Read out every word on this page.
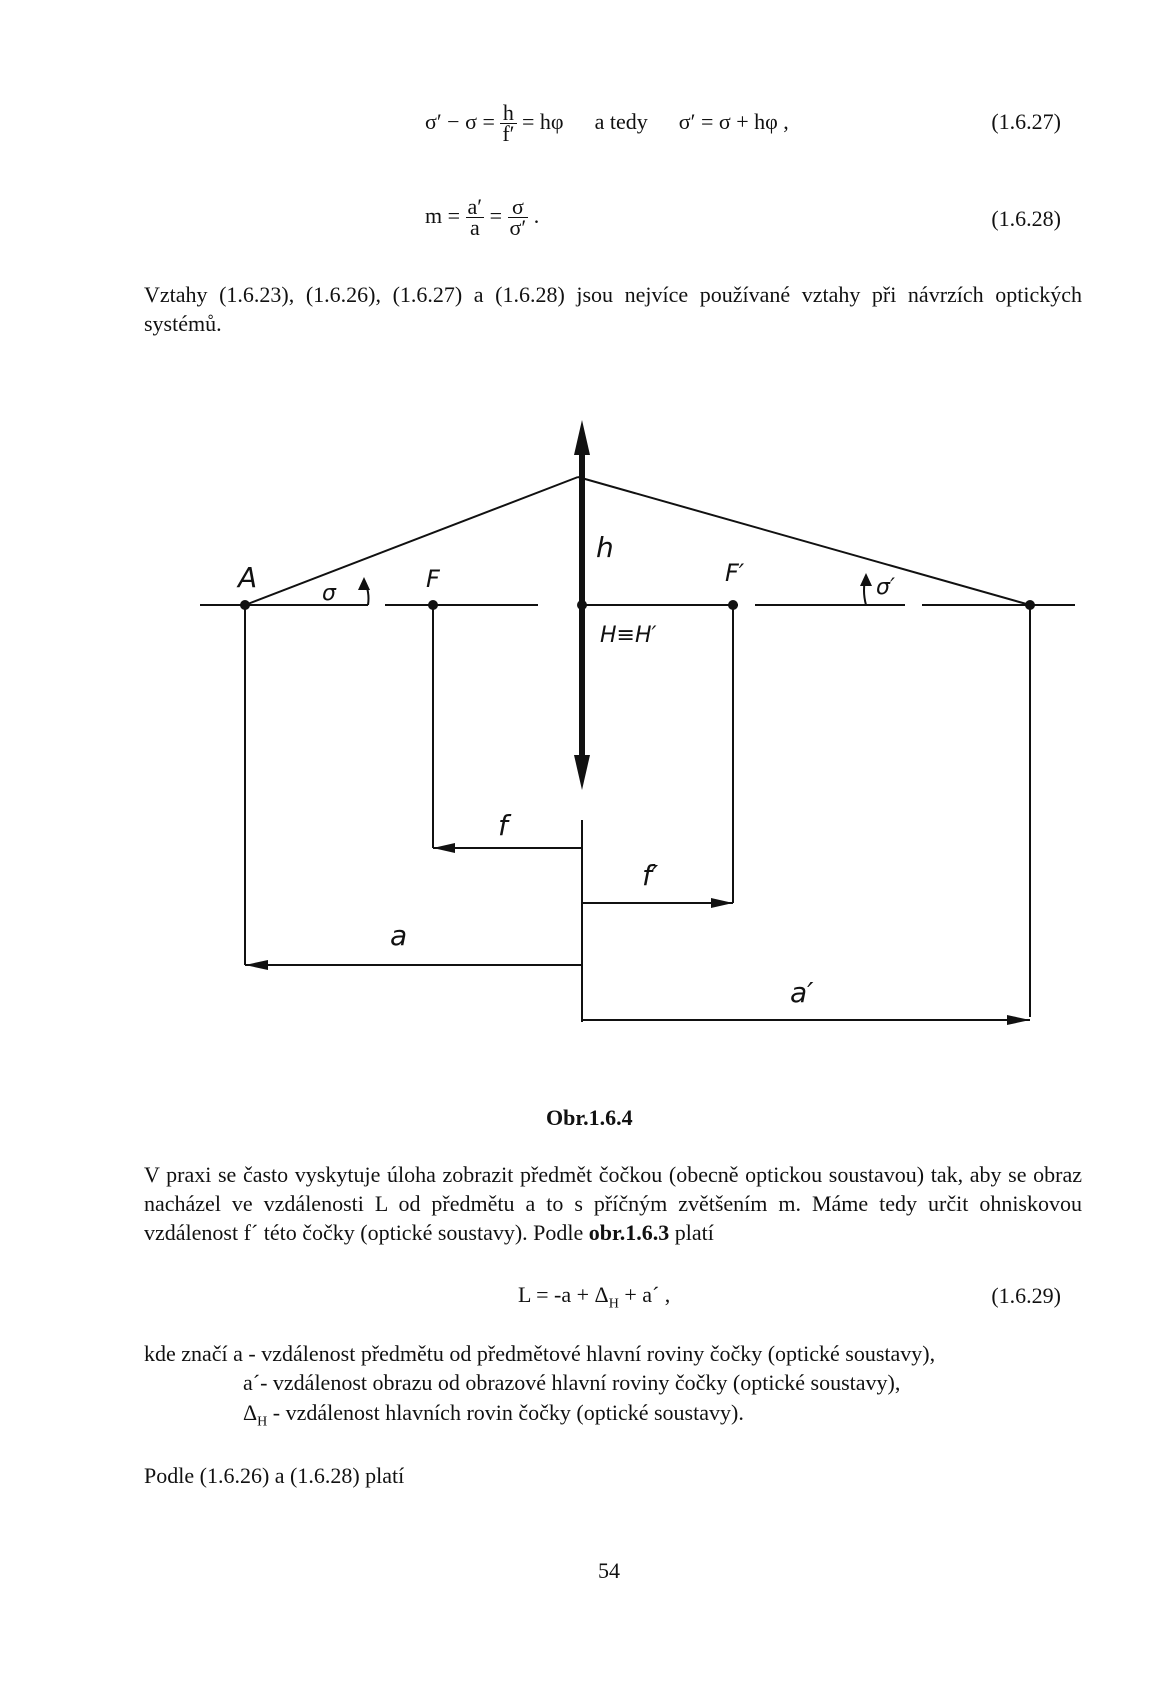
$\sigma' - \sigma = \frac{h}{f'} = h\varphi$ a tedy σ′ = σ + hφ ,	(1.6.27)
$m = \frac{a'}{a} = \frac{\sigma}{\sigma'}$ .	(1.6.28)
Vztahy (1.6.23), (1.6.26), (1.6.27) a (1.6.28) jsou nejvíce používané vztahy při návrzích optických systémů.
A	σ
F
h
H≡H′
F′
σ′
f
f′
a
a′
Obr.1.6.4
V praxi se často vyskytuje úloha zobrazit předmět čočkou (obecně optickou soustavou) tak, aby se obraz nacházel ve vzdálenosti L od předmětu a to s příčným zvětšením m. Máme tedy určit ohniskovou vzdálenost f´ této čočky (optické soustavy). Podle obr.1.6.3 platí
$L = -a + \Delta_H$ + a´ ,	(1.6.29)
kde značí a - vzdálenost předmětu od předmětové hlavní roviny čočky (optické soustavy),
a´- vzdálenost obrazu od obrazové hlavní roviny čočky (optické soustavy),
$\Delta_H$ - vzdálenost hlavních rovin čočky (optické soustavy).
Podle (1.6.26) a (1.6.28) platí
54
